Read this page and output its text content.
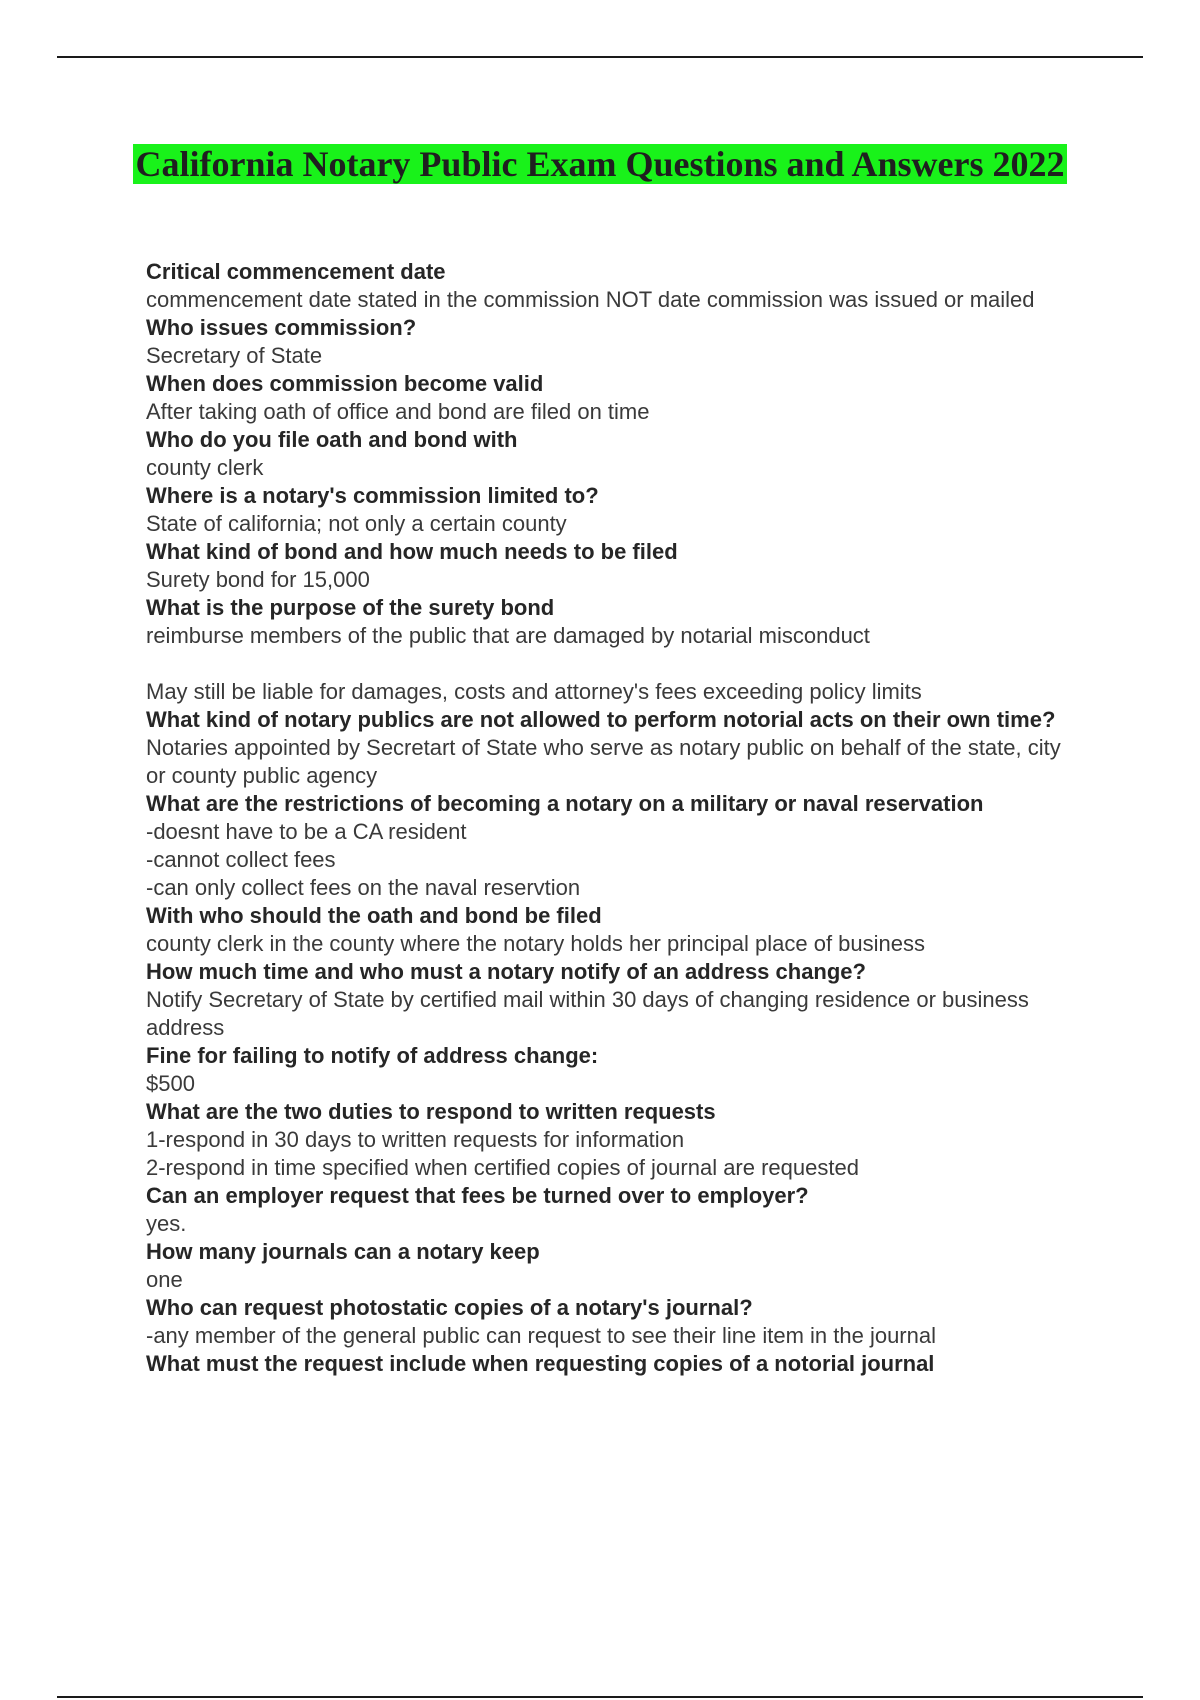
California Notary Public Exam Questions and Answers 2022
Critical commencement date
commencement date stated in the commission NOT date commission was issued or mailed
Who issues commission?
Secretary of State
When does commission become valid
After taking oath of office and bond are filed on time
Who do you file oath and bond with
county clerk
Where is a notary's commission limited to?
State of california; not only a certain county
What kind of bond and how much needs to be filed
Surety bond for 15,000
What is the purpose of the surety bond
reimburse members of the public that are damaged by notarial misconduct
May still be liable for damages, costs and attorney's fees exceeding policy limits
What kind of notary publics are not allowed to perform notorial acts on their own time?
Notaries appointed by Secretart of State who serve as notary public on behalf of the state, city or county public agency
What are the restrictions of becoming a notary on a military or naval reservation
-doesnt have to be a CA resident
-cannot collect fees
-can only collect fees on the naval reservtion
With who should the oath and bond be filed
county clerk in the county where the notary holds her principal place of business
How much time and who must a notary notify of an address change?
Notify Secretary of State by certified mail within 30 days of changing residence or business address
Fine for failing to notify of address change:
$500
What are the two duties to respond to written requests
1-respond in 30 days to written requests for information
2-respond in time specified when certified copies of journal are requested
Can an employer request that fees be turned over to employer?
yes.
How many journals can a notary keep
one
Who can request photostatic copies of a notary's journal?
-any member of the general public can request to see their line item in the journal
What must the request include when requesting copies of a notorial journal
